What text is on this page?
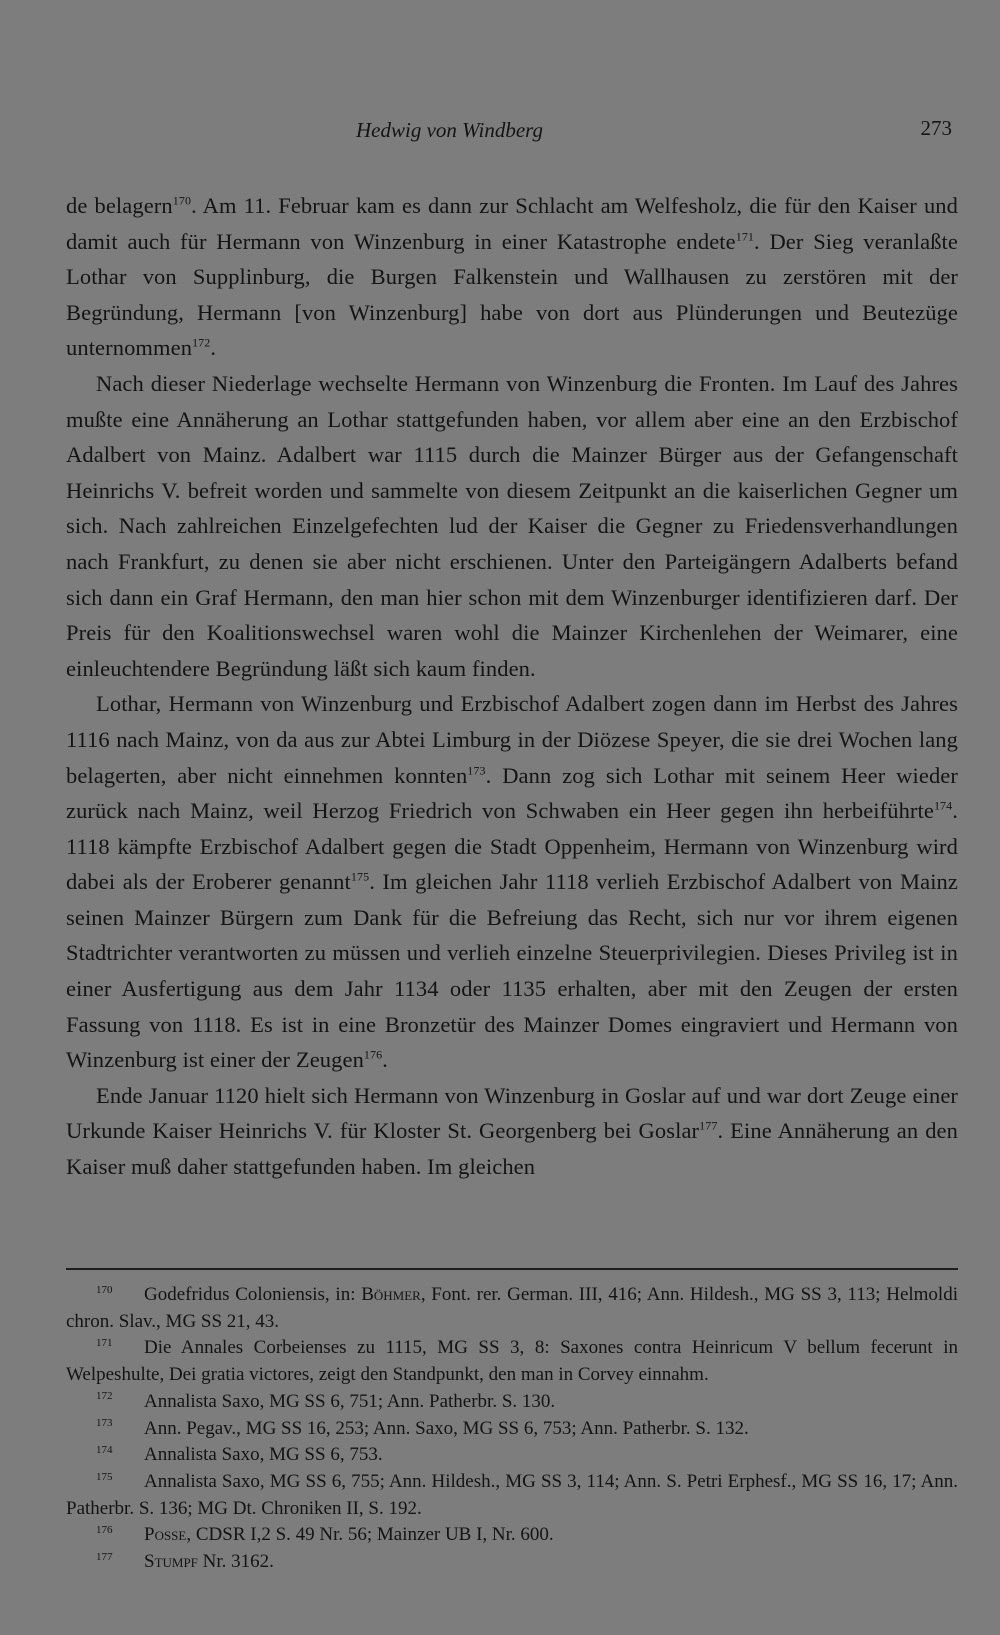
Hedwig von Windberg	273

de belagern$^{170}$. Am 11. Februar kam es dann zur Schlacht am Welfesholz, die für den Kaiser und damit auch für Hermann von Winzenburg in einer Katastrophe endete$^{171}$. Der Sieg veranlaßte Lothar von Supplinburg, die Burgen Falkenstein und Wallhausen zu zerstören mit der Begründung, Hermann [von Winzenburg] habe von dort aus Plünderungen und Beutezüge unternommen$^{172}$.

Nach dieser Niederlage wechselte Hermann von Winzenburg die Fronten. Im Lauf des Jahres mußte eine Annäherung an Lothar stattgefunden haben, vor allem aber eine an den Erzbischof Adalbert von Mainz. Adalbert war 1115 durch die Mainzer Bürger aus der Gefangenschaft Heinrichs V. befreit worden und sammelte von diesem Zeitpunkt an die kaiserlichen Gegner um sich. Nach zahlreichen Einzelgefechten lud der Kaiser die Gegner zu Friedensverhandlungen nach Frankfurt, zu denen sie aber nicht erschienen. Unter den Parteigängern Adalberts befand sich dann ein Graf Hermann, den man hier schon mit dem Winzenburger identifizieren darf. Der Preis für den Koalitionswechsel waren wohl die Mainzer Kirchenlehen der Weimarer, eine einleuchtendere Begründung läßt sich kaum finden.

Lothar, Hermann von Winzenburg und Erzbischof Adalbert zogen dann im Herbst des Jahres 1116 nach Mainz, von da aus zur Abtei Limburg in der Diözese Speyer, die sie drei Wochen lang belagerten, aber nicht einnehmen konnten$^{173}$. Dann zog sich Lothar mit seinem Heer wieder zurück nach Mainz, weil Herzog Friedrich von Schwaben ein Heer gegen ihn herbeiführte$^{174}$. 1118 kämpfte Erzbischof Adalbert gegen die Stadt Oppenheim, Hermann von Winzenburg wird dabei als der Eroberer genannt$^{175}$. Im gleichen Jahr 1118 verlieh Erzbischof Adalbert von Mainz seinen Mainzer Bürgern zum Dank für die Befreiung das Recht, sich nur vor ihrem eigenen Stadtrichter verantworten zu müssen und verlieh einzelne Steuerprivilegien. Dieses Privileg ist in einer Ausfertigung aus dem Jahr 1134 oder 1135 erhalten, aber mit den Zeugen der ersten Fassung von 1118. Es ist in eine Bronzetür des Mainzer Domes eingraviert und Hermann von Winzenburg ist einer der Zeugen$^{176}$.

Ende Januar 1120 hielt sich Hermann von Winzenburg in Goslar auf und war dort Zeuge einer Urkunde Kaiser Heinrichs V. für Kloster St. Georgenberg bei Goslar$^{177}$. Eine Annäherung an den Kaiser muß daher stattgefunden haben. Im gleichen

170 Godefridus Coloniensis, in: Böhmer, Font. rer. German. III, 416; Ann. Hildesh., MG SS 3, 113; Helmoldi chron. Slav., MG SS 21, 43.

171 Die Annales Corbeienses zu 1115, MG SS 3, 8: Saxones contra Heinricum V bellum fecerunt in Welpeshulte, Dei gratia victores, zeigt den Standpunkt, den man in Corvey einnahm.

172 Annalista Saxo, MG SS 6, 751; Ann. Patherbr. S. 130.

173 Ann. Pegav., MG SS 16, 253; Ann. Saxo, MG SS 6, 753; Ann. Patherbr. S. 132.

174 Annalista Saxo, MG SS 6, 753.

175 Annalista Saxo, MG SS 6, 755; Ann. Hildesh., MG SS 3, 114; Ann. S. Petri Erphesf., MG SS 16, 17; Ann. Patherbr. S. 136; MG Dt. Chroniken II, S. 192.

176 Posse, CDSR I,2 S. 49 Nr. 56; Mainzer UB I, Nr. 600.

177 Stumpf Nr. 3162.
